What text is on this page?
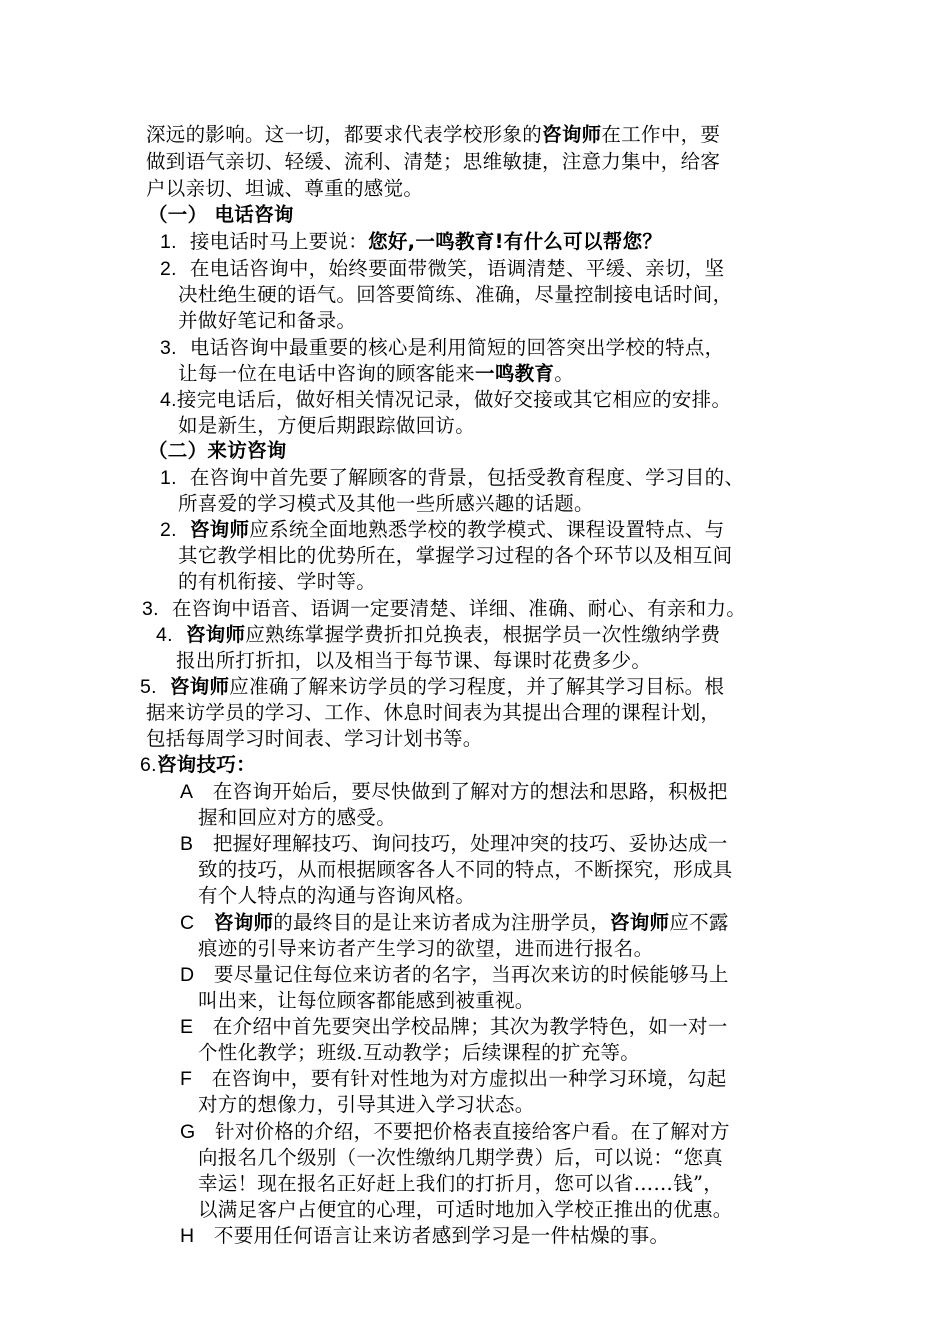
深远的影响。这一切，都要求代表学校形象的咨询师在工作中，要
做到语气亲切、轻缓、流利、清楚；思维敏捷，注意力集中，给客
户以亲切、坦诚、尊重的感觉。
（一） 电话咨询
1. 接电话时马上要说：您好,一鸣教育!有什么可以帮您？
2. 在电话咨询中，始终要面带微笑，语调清楚、平缓、亲切，坚
决杜绝生硬的语气。回答要简练、准确，尽量控制接电话时间，
并做好笔记和备录。
3. 电话咨询中最重要的核心是利用简短的回答突出学校的特点，
让每一位在电话中咨询的顾客能来一鸣教育。
4.接完电话后，做好相关情况记录，做好交接或其它相应的安排。
如是新生，方便后期跟踪做回访。
（二）来访咨询
1. 在咨询中首先要了解顾客的背景，包括受教育程度、学习目的、
所喜爱的学习模式及其他一些所感兴趣的话题。
2. 咨询师应系统全面地熟悉学校的教学模式、课程设置特点、与
其它教学相比的优势所在，掌握学习过程的各个环节以及相互间
的有机衔接、学时等。
3. 在咨询中语音、语调一定要清楚、详细、准确、耐心、有亲和力。
4. 咨询师应熟练掌握学费折扣兑换表，根据学员一次性缴纳学费
报出所打折扣，以及相当于每节课、每课时花费多少。
5. 咨询师应准确了解来访学员的学习程度，并了解其学习目标。根
据来访学员的学习、工作、休息时间表为其提出合理的课程计划，
包括每周学习时间表、学习计划书等。
6.咨询技巧：
A 在咨询开始后，要尽快做到了解对方的想法和思路，积极把
握和回应对方的感受。
B 把握好理解技巧、询问技巧，处理冲突的技巧、妥协达成一
致的技巧，从而根据顾客各人不同的特点，不断探究，形成具
有个人特点的沟通与咨询风格。
C 咨询师的最终目的是让来访者成为注册学员，咨询师应不露
痕迹的引导来访者产生学习的欲望，进而进行报名。
D 要尽量记住每位来访者的名字，当再次来访的时候能够马上
叫出来，让每位顾客都能感到被重视。
E 在介绍中首先要突出学校品牌；其次为教学特色，如一对一
个性化教学；班级.互动教学；后续课程的扩充等。
F 在咨询中，要有针对性地为对方虚拟出一种学习环境，勾起
对方的想像力，引导其进入学习状态。
G 针对价格的介绍，不要把价格表直接给客户看。在了解对方
向报名几个级别（一次性缴纳几期学费）后，可以说：“您真
幸运！现在报名正好赶上我们的打折月，您可以省……钱”，
以满足客户占便宜的心理，可适时地加入学校正推出的优惠。
H 不要用任何语言让来访者感到学习是一件枯燥的事。
